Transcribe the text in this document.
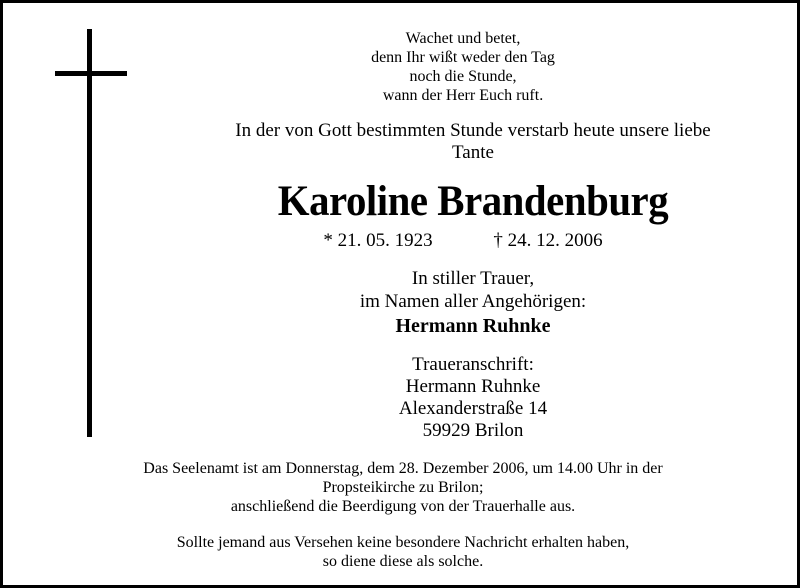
Wachet und betet,
denn Ihr wißt weder den Tag
noch die Stunde,
wann der Herr Euch ruft.
In der von Gott bestimmten Stunde verstarb heute unsere liebe
Tante
Karoline Brandenburg
* 21. 05. 1923	† 24. 12. 2006
In stiller Trauer,
im Namen aller Angehörigen:
Hermann Ruhnke
Traueranschrift:
Hermann Ruhnke
Alexanderstraße 14
59929 Brilon
Das Seelenamt ist am Donnerstag, dem 28. Dezember 2006, um 14.00 Uhr in der
Propsteikirche zu Brilon;
anschließend die Beerdigung von der Trauerhalle aus.
Sollte jemand aus Versehen keine besondere Nachricht erhalten haben,
so diene diese als solche.
